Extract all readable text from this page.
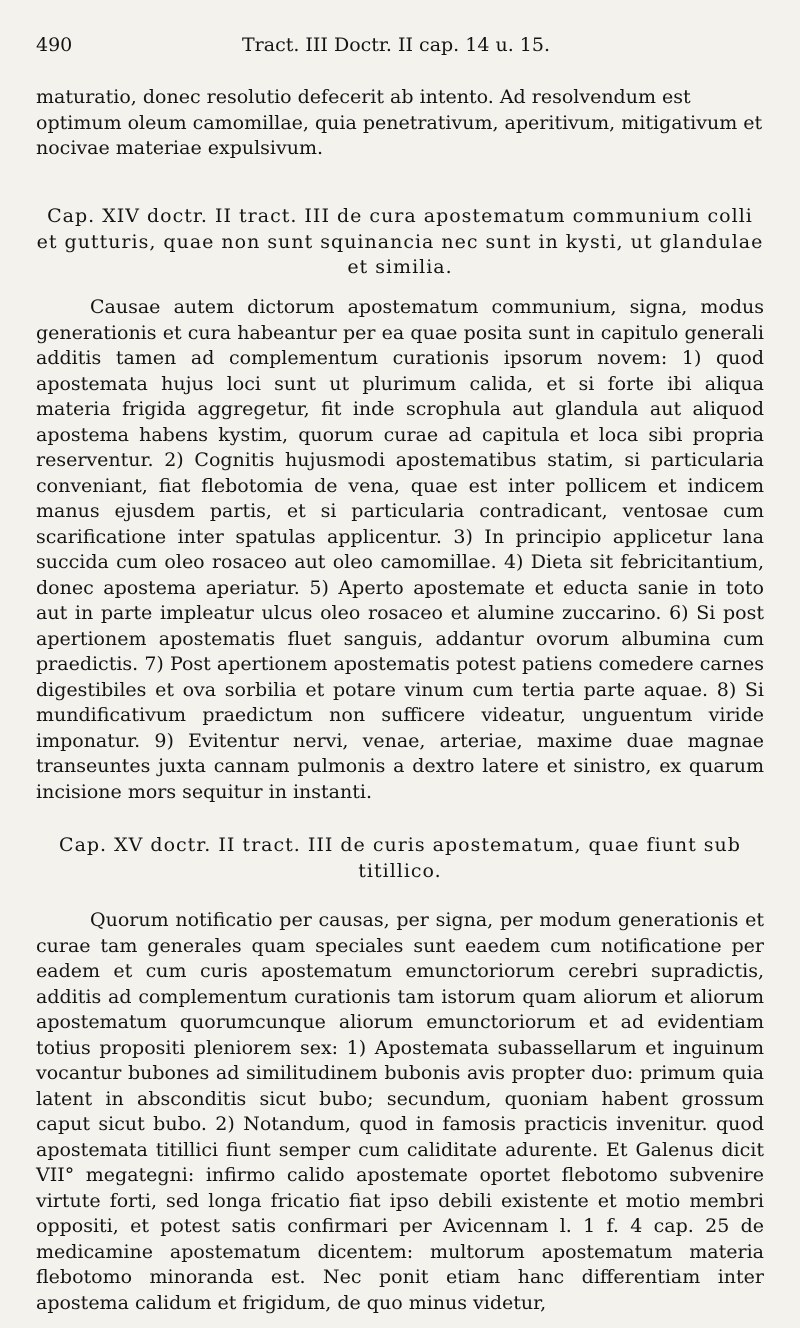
490	Tract. III Doctr. II cap. 14 u. 15.
maturatio, donec resolutio defecerit ab intento. Ad resolvendum est optimum oleum camomillae, quia penetrativum, aperitivum, mitigativum et nocivae materiae expulsivum.
Cap. XIV doctr. II tract. III de cura apostematum communium colli et gutturis, quae non sunt squinancia nec sunt in kysti, ut glandulae et similia.
Causae autem dictorum apostematum communium, signa, modus generationis et cura habeantur per ea quae posita sunt in capitulo generali additis tamen ad complementum curationis ipsorum novem: 1) quod apostemata hujus loci sunt ut plurimum calida, et si forte ibi aliqua materia frigida aggregetur, fit inde scrophula aut glandula aut aliquod apostema habens kystim, quorum curae ad capitula et loca sibi propria reserventur. 2) Cognitis hujusmodi apostematibus statim, si particularia conveniant, fiat flebotomia de vena, quae est inter pollicem et indicem manus ejusdem partis, et si particularia contradicant, ventosae cum scarificatione inter spatulas applicentur. 3) In principio applicetur lana succida cum oleo rosaceo aut oleo camomillae. 4) Dieta sit febricitantium, donec apostema aperiatur. 5) Aperto apostemate et educta sanie in toto aut in parte impleatur ulcus oleo rosaceo et alumine zuccarino. 6) Si post apertionem apostematis fluet sanguis, addantur ovorum albumina cum praedictis. 7) Post apertionem apostematis potest patiens comedere carnes digestibiles et ova sorbilia et potare vinum cum tertia parte aquae. 8) Si mundificativum praedictum non sufficere videatur, unguentum viride imponatur. 9) Evitentur nervi, venae, arteriae, maxime duae magnae transeuntes juxta cannam pulmonis a dextro latere et sinistro, ex quarum incisione mors sequitur in instanti.
Cap. XV doctr. II tract. III de curis apostematum, quae fiunt sub titillico.
Quorum notificatio per causas, per signa, per modum generationis et curae tam generales quam speciales sunt eaedem cum notificatione per eadem et cum curis apostematum emunctoriorum cerebri supradictis, additis ad complementum curationis tam istorum quam aliorum et aliorum apostematum quorumcunque aliorum emunctoriorum et ad evidentiam totius propositi pleniorem sex: 1) Apostemata subassellarum et inguinum vocantur bubones ad similitudinem bubonis avis propter duo: primum quia latent in absconditis sicut bubo; secundum, quoniam habent grossum caput sicut bubo. 2) Notandum, quod in famosis practicis invenitur. quod apostemata titillici fiunt semper cum caliditate adurente. Et Galenus dicit VII° megategni: infirmo calido apostemate oportet flebotomo subvenire virtute forti, sed longa fricatio fiat ipso debili existente et motio membri oppositi, et potest satis confirmari per Avicennam l. 1 f. 4 cap. 25 de medicamine apostematum dicentem: multorum apostematum materia flebotomo minoranda est. Nec ponit etiam hanc differentiam inter apostema calidum et frigidum, de quo minus videtur,
